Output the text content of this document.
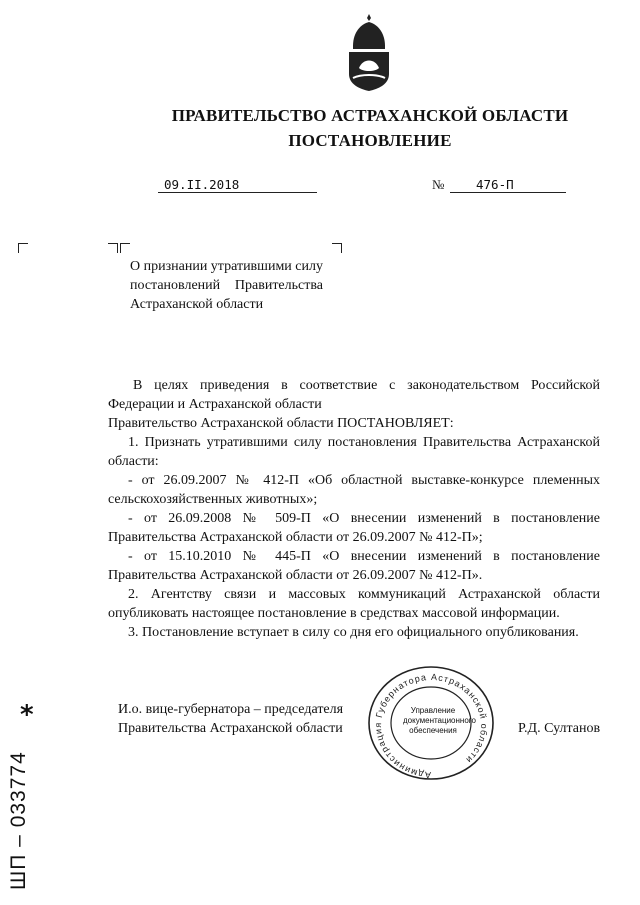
ПРАВИТЕЛЬСТВО АСТРАХАНСКОЙ ОБЛАСТИ
ПОСТАНОВЛЕНИЕ
09.II.2018	№	476-П
О признании утратившими силу постановлений Правительства Астраханской области

В целях приведения в соответствие с законодательством Российской Федерации и Астраханской области

Правительство Астраханской области ПОСТАНОВЛЯЕТ:

1. Признать утратившими силу постановления Правительства Астраханской области:

- от 26.09.2007 № 412-П «Об областной выставке-конкурсе племенных сельскохозяйственных животных»;

- от 26.09.2008 № 509-П «О внесении изменений в постановление Правительства Астраханской области от 26.09.2007 № 412-П»;

- от 15.10.2010 № 445-П «О внесении изменений в постановление Правительства Астраханской области от 26.09.2007 № 412-П».

2. Агентству связи и массовых коммуникаций Астраханской области опубликовать настоящее постановление в средствах массовой информации.

3. Постановление вступает в силу со дня его официального опубликования.

И.о. вице-губернатора – председателя
Правительства Астраханской области	Р.Д. Султанов
Администрация Губернатора Астраханской области
Управление документационного обеспечения
*
ШП – 033774
